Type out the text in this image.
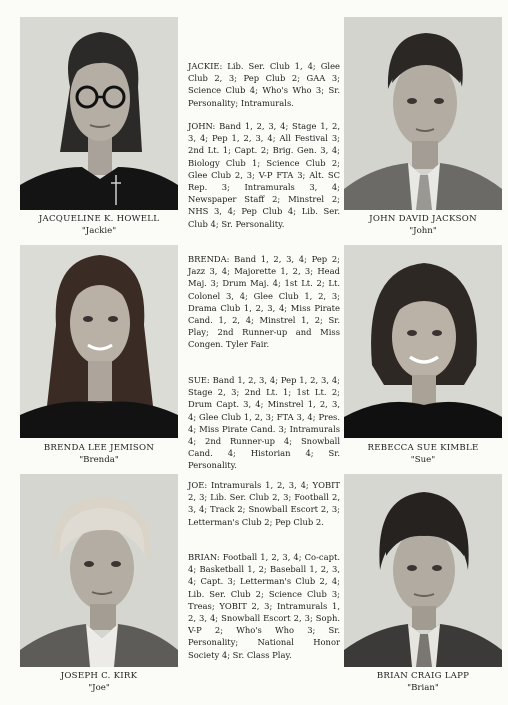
JACQUELINE K. HOWELL
"Jackie"

JACKIE: Lib. Ser. Club 1, 4; Glee Club 2, 3; Pep Club 2; GAA 3; Science Club 4; Who's Who 3; Sr. Personality; Intramurals.

JOHN: Band 1, 2, 3, 4; Stage 1, 2, 3, 4; Pep 1, 2, 3, 4; All Festival 3; 2nd Lt. 1; Capt. 2; Brig. Gen. 3, 4; Biology Club 1; Science Club 2; Glee Club 2, 3; V-P FTA 3; Alt. SC Rep. 3; Intramurals 3, 4; Newspaper Staff 2; Minstrel 2; NHS 3, 4; Pep Club 4; Lib. Ser. Club 4; Sr. Personality.	JOHN DAVID JACKSON
"John"
BRENDA LEE JEMISON
"Brenda"

BRENDA: Band 1, 2, 3, 4; Pep 2; Jazz 3, 4; Majorette 1, 2, 3; Head Maj. 3; Drum Maj. 4; 1st Lt. 2; Lt. Colonel 3, 4; Glee Club 1, 2, 3; Drama Club 1, 2, 3, 4; Miss Pirate Cand. 1, 2, 4; Minstrel 1, 2; Sr. Play; 2nd Runner-up and Miss Congen. Tyler Fair.

SUE: Band 1, 2, 3, 4; Pep 1, 2, 3, 4; Stage 2, 3; 2nd Lt. 1; 1st Lt. 2; Drum Capt. 3, 4; Minstrel 1, 2, 3, 4; Glee Club 1, 2, 3; FTA 3, 4; Pres. 4; Miss Pirate Cand. 3; Intramurals 4; 2nd Runner-up 4; Snowball Cand. 4; Historian 4; Sr. Personality.

REBECCA SUE KIMBLE
"Sue"
JOSEPH C. KIRK
"Joe"

JOE: Intramurals 1, 2, 3, 4; YOBIT 2, 3; Lib. Ser. Club 2, 3; Football 2, 3, 4; Track 2; Snowball Escort 2, 3; Letterman's Club 2; Pep Club 2.

BRIAN: Football 1, 2, 3, 4; Co-capt. 4; Basketball 1, 2; Baseball 1, 2, 3, 4; Capt. 3; Letterman's Club 2, 4; Lib. Ser. Club 2; Science Club 3; Treas; YOBIT 2, 3; Intramurals 1, 2, 3, 4; Snowball Escort 2, 3; Soph. V-P 2; Who's Who 3; Sr. Personality; National Honor Society 4; Sr. Class Play.

BRIAN CRAIG LAPP
"Brian"
